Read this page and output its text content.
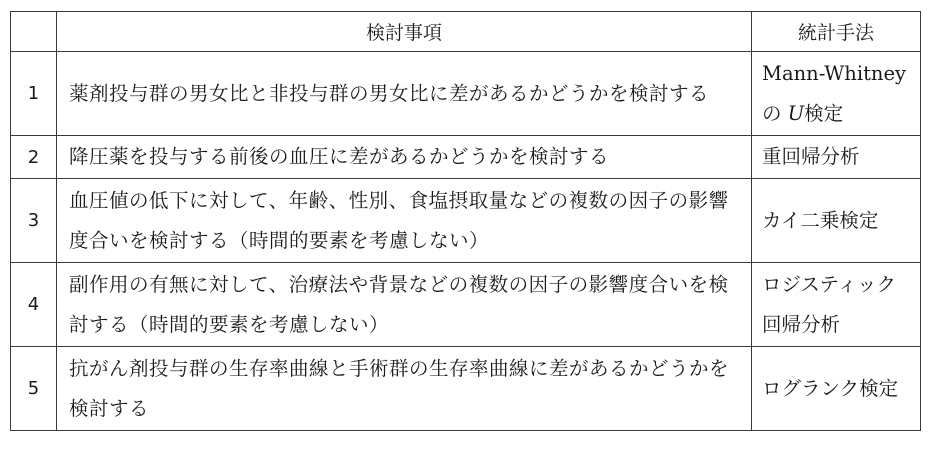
	検討事項	統計手法
1	薬剤投与群の男女比と非投与群の男女比に差があるかどうかを検討する	Mann-Whitney の U検定
2	降圧薬を投与する前後の血圧に差があるかどうかを検討する	重回帰分析
3	血圧値の低下に対して、年齢、性別、食塩摂取量などの複数の因子の影響度合いを検討する（時間的要素を考慮しない）	カイ二乗検定
4	副作用の有無に対して、治療法や背景などの複数の因子の影響度合いを検討する（時間的要素を考慮しない）	ロジスティック回帰分析
5	抗がん剤投与群の生存率曲線と手術群の生存率曲線に差があるかどうかを検討する	ログランク検定
